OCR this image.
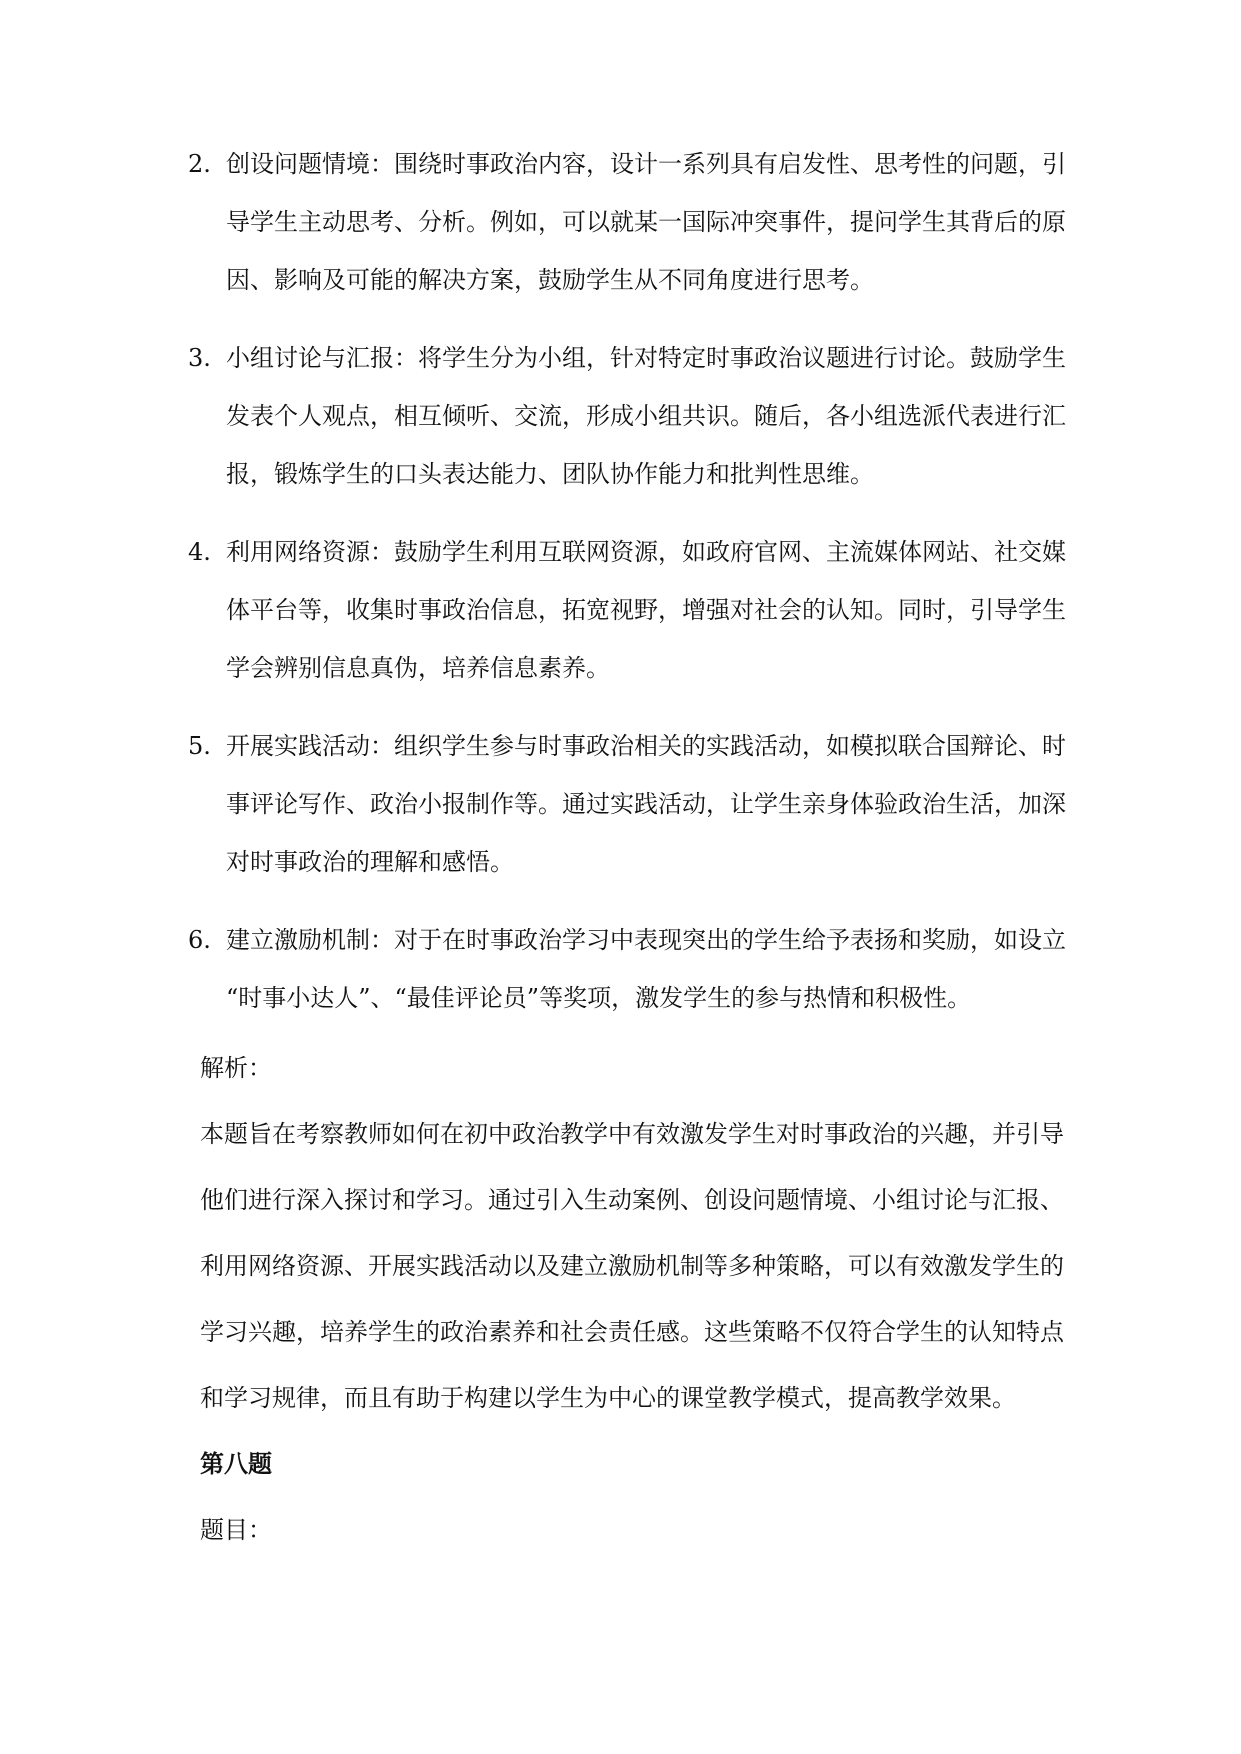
2. 创设问题情境：围绕时事政治内容，设计一系列具有启发性、思考性的问题，引
导学生主动思考、分析。例如，可以就某一国际冲突事件，提问学生其背后的原
因、影响及可能的解决方案，鼓励学生从不同角度进行思考。
3. 小组讨论与汇报：将学生分为小组，针对特定时事政治议题进行讨论。鼓励学生
发表个人观点，相互倾听、交流，形成小组共识。随后，各小组选派代表进行汇
报，锻炼学生的口头表达能力、团队协作能力和批判性思维。
4. 利用网络资源：鼓励学生利用互联网资源，如政府官网、主流媒体网站、社交媒
体平台等，收集时事政治信息，拓宽视野，增强对社会的认知。同时，引导学生
学会辨别信息真伪，培养信息素养。
5. 开展实践活动：组织学生参与时事政治相关的实践活动，如模拟联合国辩论、时
事评论写作、政治小报制作等。通过实践活动，让学生亲身体验政治生活，加深
对时事政治的理解和感悟。
6. 建立激励机制：对于在时事政治学习中表现突出的学生给予表扬和奖励，如设立
“时事小达人”、“最佳评论员”等奖项，激发学生的参与热情和积极性。
解析：
本题旨在考察教师如何在初中政治教学中有效激发学生对时事政治的兴趣，并引导
他们进行深入探讨和学习。通过引入生动案例、创设问题情境、小组讨论与汇报、
利用网络资源、开展实践活动以及建立激励机制等多种策略，可以有效激发学生的
学习兴趣，培养学生的政治素养和社会责任感。这些策略不仅符合学生的认知特点
和学习规律，而且有助于构建以学生为中心的课堂教学模式，提高教学效果。
第八题
题目：
